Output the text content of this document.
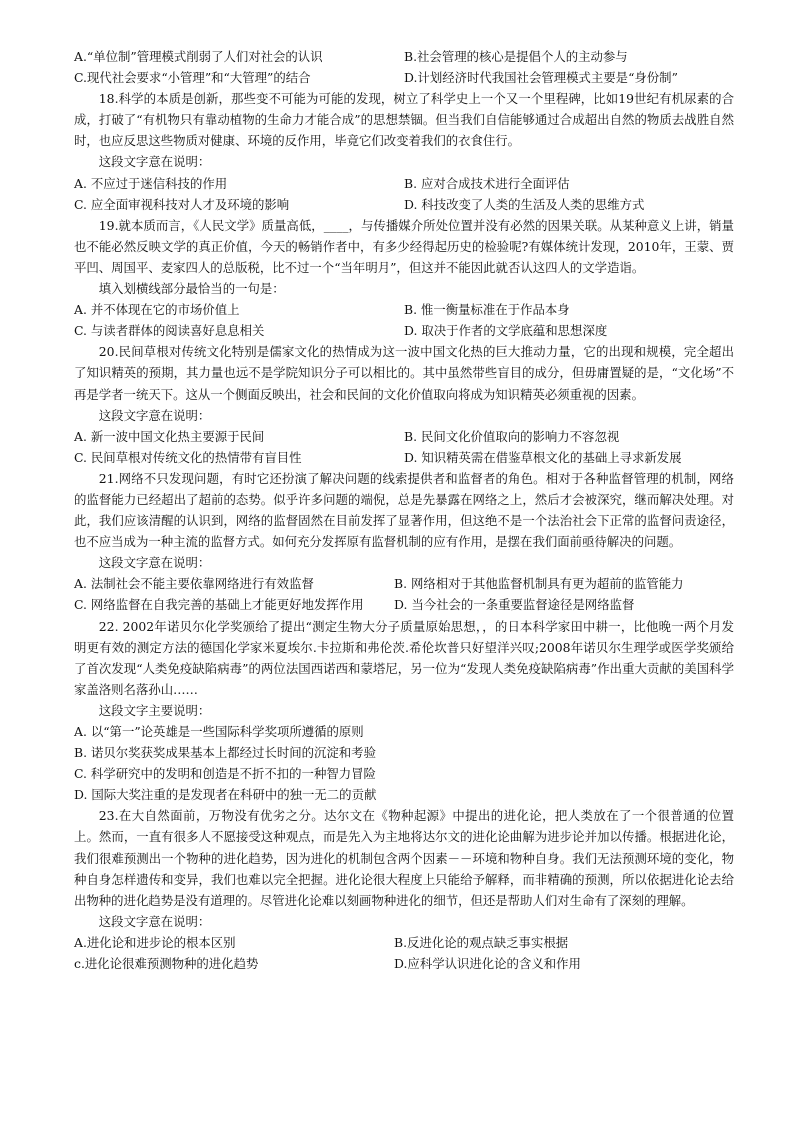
A.“单位制”管理模式削弱了人们对社会的认识	B.社会管理的核心是提倡个人的主动参与
C.现代社会要求“小管理”和“大管理”的结合	D.计划经济时代我国社会管理模式主要是“身份制”

18.科学的本质是创新，那些变不可能为可能的发现，树立了科学史上一个又一个里程碑，比如19世纪有机尿素的合成，打破了“有机物只有靠动植物的生命力才能合成”的思想禁锢。但当我们自信能够通过合成超出自然的物质去战胜自然时，也应反思这些物质对健康、环境的反作用，毕竟它们改变着我们的衣食住行。

这段文字意在说明：

A. 不应过于迷信科技的作用	B. 应对合成技术进行全面评估
C. 应全面审视科技对人才及环境的影响	D. 科技改变了人类的生活及人类的思维方式

19.就本质而言，《人民文学》质量高低，____，与传播媒介所处位置并没有必然的因果关联。从某种意义上讲，销量也不能必然反映文学的真正价值，今天的畅销作者中，有多少经得起历史的检验呢?有媒体统计发现，2010年，王蒙、贾平凹、周国平、麦家四人的总版税，比不过一个“当年明月”，但这并不能因此就否认这四人的文学造诣。

填入划横线部分最恰当的一句是：

A. 并不体现在它的市场价值上	B. 惟一衡量标准在于作品本身
C. 与读者群体的阅读喜好息息相关	D. 取决于作者的文学底蕴和思想深度

20.民间草根对传统文化特别是儒家文化的热情成为这一波中国文化热的巨大推动力量，它的出现和规模，完全超出了知识精英的预期，其力量也远不是学院知识分子可以相比的。其中虽然带些盲目的成分，但毋庸置疑的是，“文化场”不再是学者一统天下。这从一个侧面反映出，社会和民间的文化价值取向将成为知识精英必须重视的因素。

这段文字意在说明：

A. 新一波中国文化热主要源于民间	B. 民间文化价值取向的影响力不容忽视
C. 民间草根对传统文化的热情带有盲目性	D. 知识精英需在借鉴草根文化的基础上寻求新发展

21.网络不只发现问题，有时它还扮演了解决问题的线索提供者和监督者的角色。相对于各种监督管理的机制，网络的监督能力已经超出了超前的态势。似乎许多问题的端倪，总是先暴露在网络之上，然后才会被深究，继而解决处理。对此，我们应该清醒的认识到，网络的监督固然在目前发挥了显著作用，但这绝不是一个法治社会下正常的监督问责途径，也不应当成为一种主流的监督方式。如何充分发挥原有监督机制的应有作用，是摆在我们面前亟待解决的问题。

这段文字意在说明：

A. 法制社会不能主要依靠网络进行有效监督	B. 网络相对于其他监督机制具有更为超前的监管能力
C. 网络监督在自我完善的基础上才能更好地发挥作用	D. 当今社会的一条重要监督途径是网络监督

22. 2002年诺贝尔化学奖颁给了提出“测定生物大分子质量原始思想，，的日本科学家田中耕一，比他晚一两个月发明更有效的测定方法的德国化学家米夏埃尔.卡拉斯和弗伦茨.希伦坎普只好望洋兴叹;2008年诺贝尔生理学或医学奖颁给了首次发现“人类免疫缺陷病毒”的两位法国西诺西和蒙塔尼，另一位为“发现人类免疫缺陷病毒”作出重大贡献的美国科学家盖洛则名落孙山……

这段文字主要说明：

A. 以“第一”论英雄是一些国际科学奖项所遵循的原则
B. 诺贝尔奖获奖成果基本上都经过长时间的沉淀和考验
C. 科学研究中的发明和创造是不折不扣的一种智力冒险
D. 国际大奖注重的是发现者在科研中的独一无二的贡献

23.在大自然面前，万物没有优劣之分。达尔文在《物种起源》中提出的进化论，把人类放在了一个很普通的位置上。然而，一直有很多人不愿接受这种观点，而是先入为主地将达尔文的进化论曲解为进步论并加以传播。根据进化论，我们很难预测出一个物种的进化趋势，因为进化的机制包含两个因素－－环境和物种自身。我们无法预测环境的变化，物种自身怎样遗传和变异，我们也难以完全把握。进化论很大程度上只能给予解释，而非精确的预测，所以依据进化论去给出物种的进化趋势是没有道理的。尽管进化论难以刻画物种进化的细节，但还是帮助人们对生命有了深刻的理解。

这段文字意在说明：

A.进化论和进步论的根本区别	B.反进化论的观点缺乏事实根据
c.进化论很难预测物种的进化趋势	D.应科学认识进化论的含义和作用
